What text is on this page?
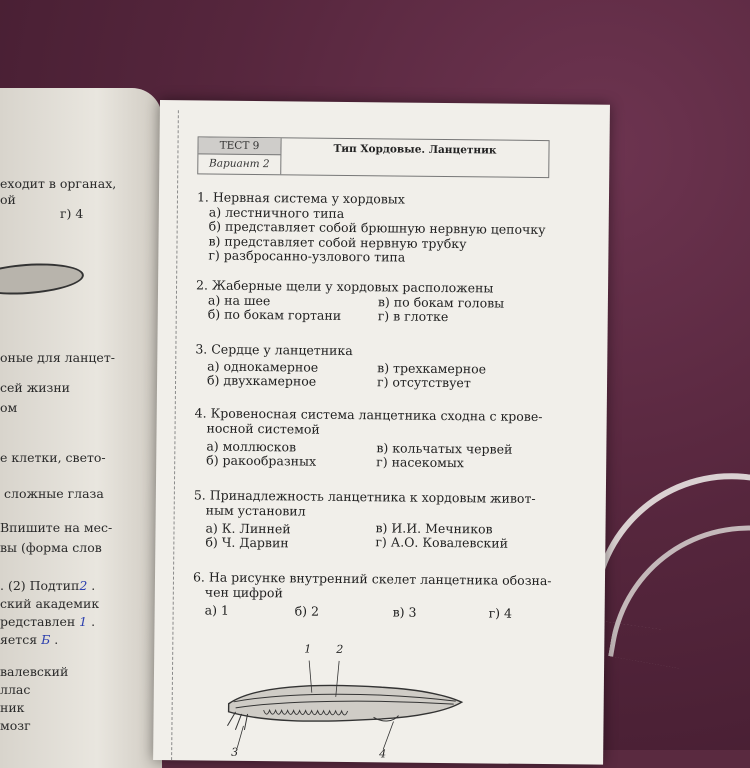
еходит в органах,
ой
г) 4
оные для ланцет-
сей жизни
ом
е клетки, свето-
сложные глаза
Впишите на мес-
вы (форма слов
. (2) Подтип2 .
ский академик
редставлен 1 .
яется Б .
валевский
ллас
ник
мозг
ТЕСТ 9
Вариант 2
Тип Хордовые. Ланцетник
1. Нервная система у хордовых
а) лестничного типа
б) представляет собой брюшную нервную цепочку
в) представляет собой нервную трубку
г) разбросанно-узлового типа
2. Жаберные щели у хордовых расположены
а) на шее	в) по бокам головы
б) по бокам гортани	г) в глотке
3. Сердце у ланцетника
а) однокамерное	в) трехкамерное
б) двухкамерное	г) отсутствует
4. Кровеносная система ланцетника сходна с крове-
носной системой
а) моллюсков	в) кольчатых червей
б) ракообразных	г) насекомых
5. Принадлежность ланцетника к хордовым живот-
ным установил
а) К. Линней	в) И.И. Мечников
б) Ч. Дарвин	г) А.О. Ковалевский
6. На рисунке внутренний скелет ланцетника обозна-
чен цифрой
а) 1	б) 2	в) 3	г) 4
1 2
3	4
